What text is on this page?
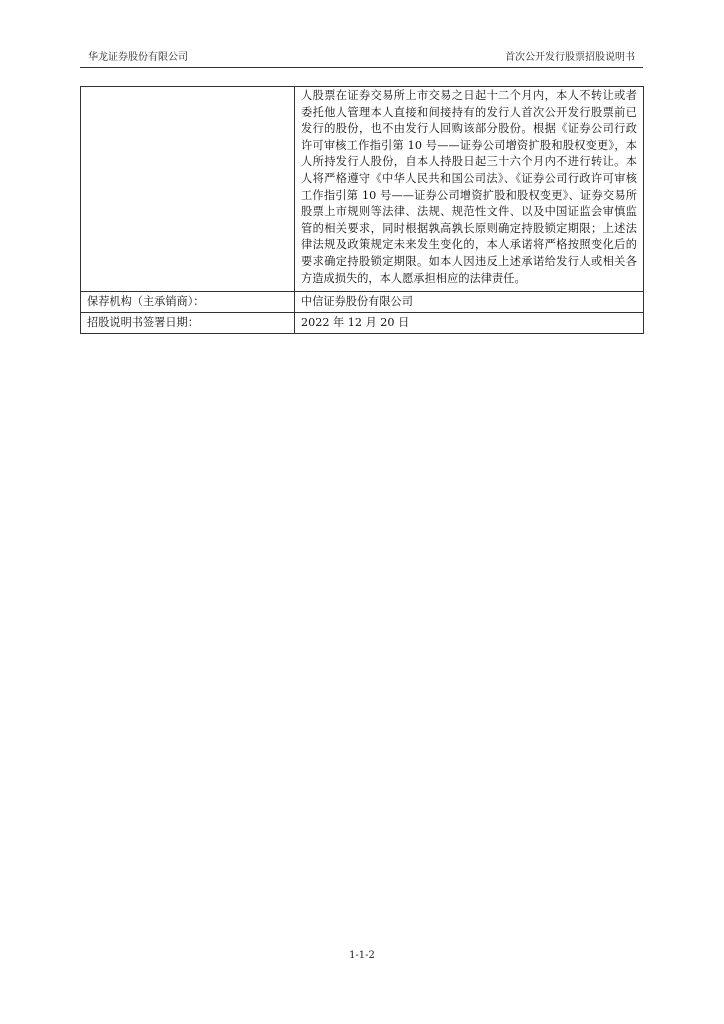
华龙证券股份有限公司	首次公开发行股票招股说明书

	人股票在证券交易所上市交易之日起十二个月内，本人不转让或者委托他人管理本人直接和间接持有的发行人首次公开发行股票前已发行的股份，也不由发行人回购该部分股份。根据《证券公司行政许可审核工作指引第 10 号——证券公司增资扩股和股权变更》，本人所持发行人股份，自本人持股日起三十六个月内不进行转让。本人将严格遵守《中华人民共和国公司法》、《证券公司行政许可审核工作指引第 10 号——证券公司增资扩股和股权变更》、证券交易所股票上市规则等法律、法规、规范性文件、以及中国证监会审慎监管的相关要求，同时根据孰高孰长原则确定持股锁定期限；上述法律法规及政策规定未来发生变化的，本人承诺将严格按照变化后的要求确定持股锁定期限。如本人因违反上述承诺给发行人或相关各方造成损失的，本人愿承担相应的法律责任。

保荐机构（主承销商）：	中信证券股份有限公司
招股说明书签署日期：	2022 年 12 月 20 日
1-1-2
